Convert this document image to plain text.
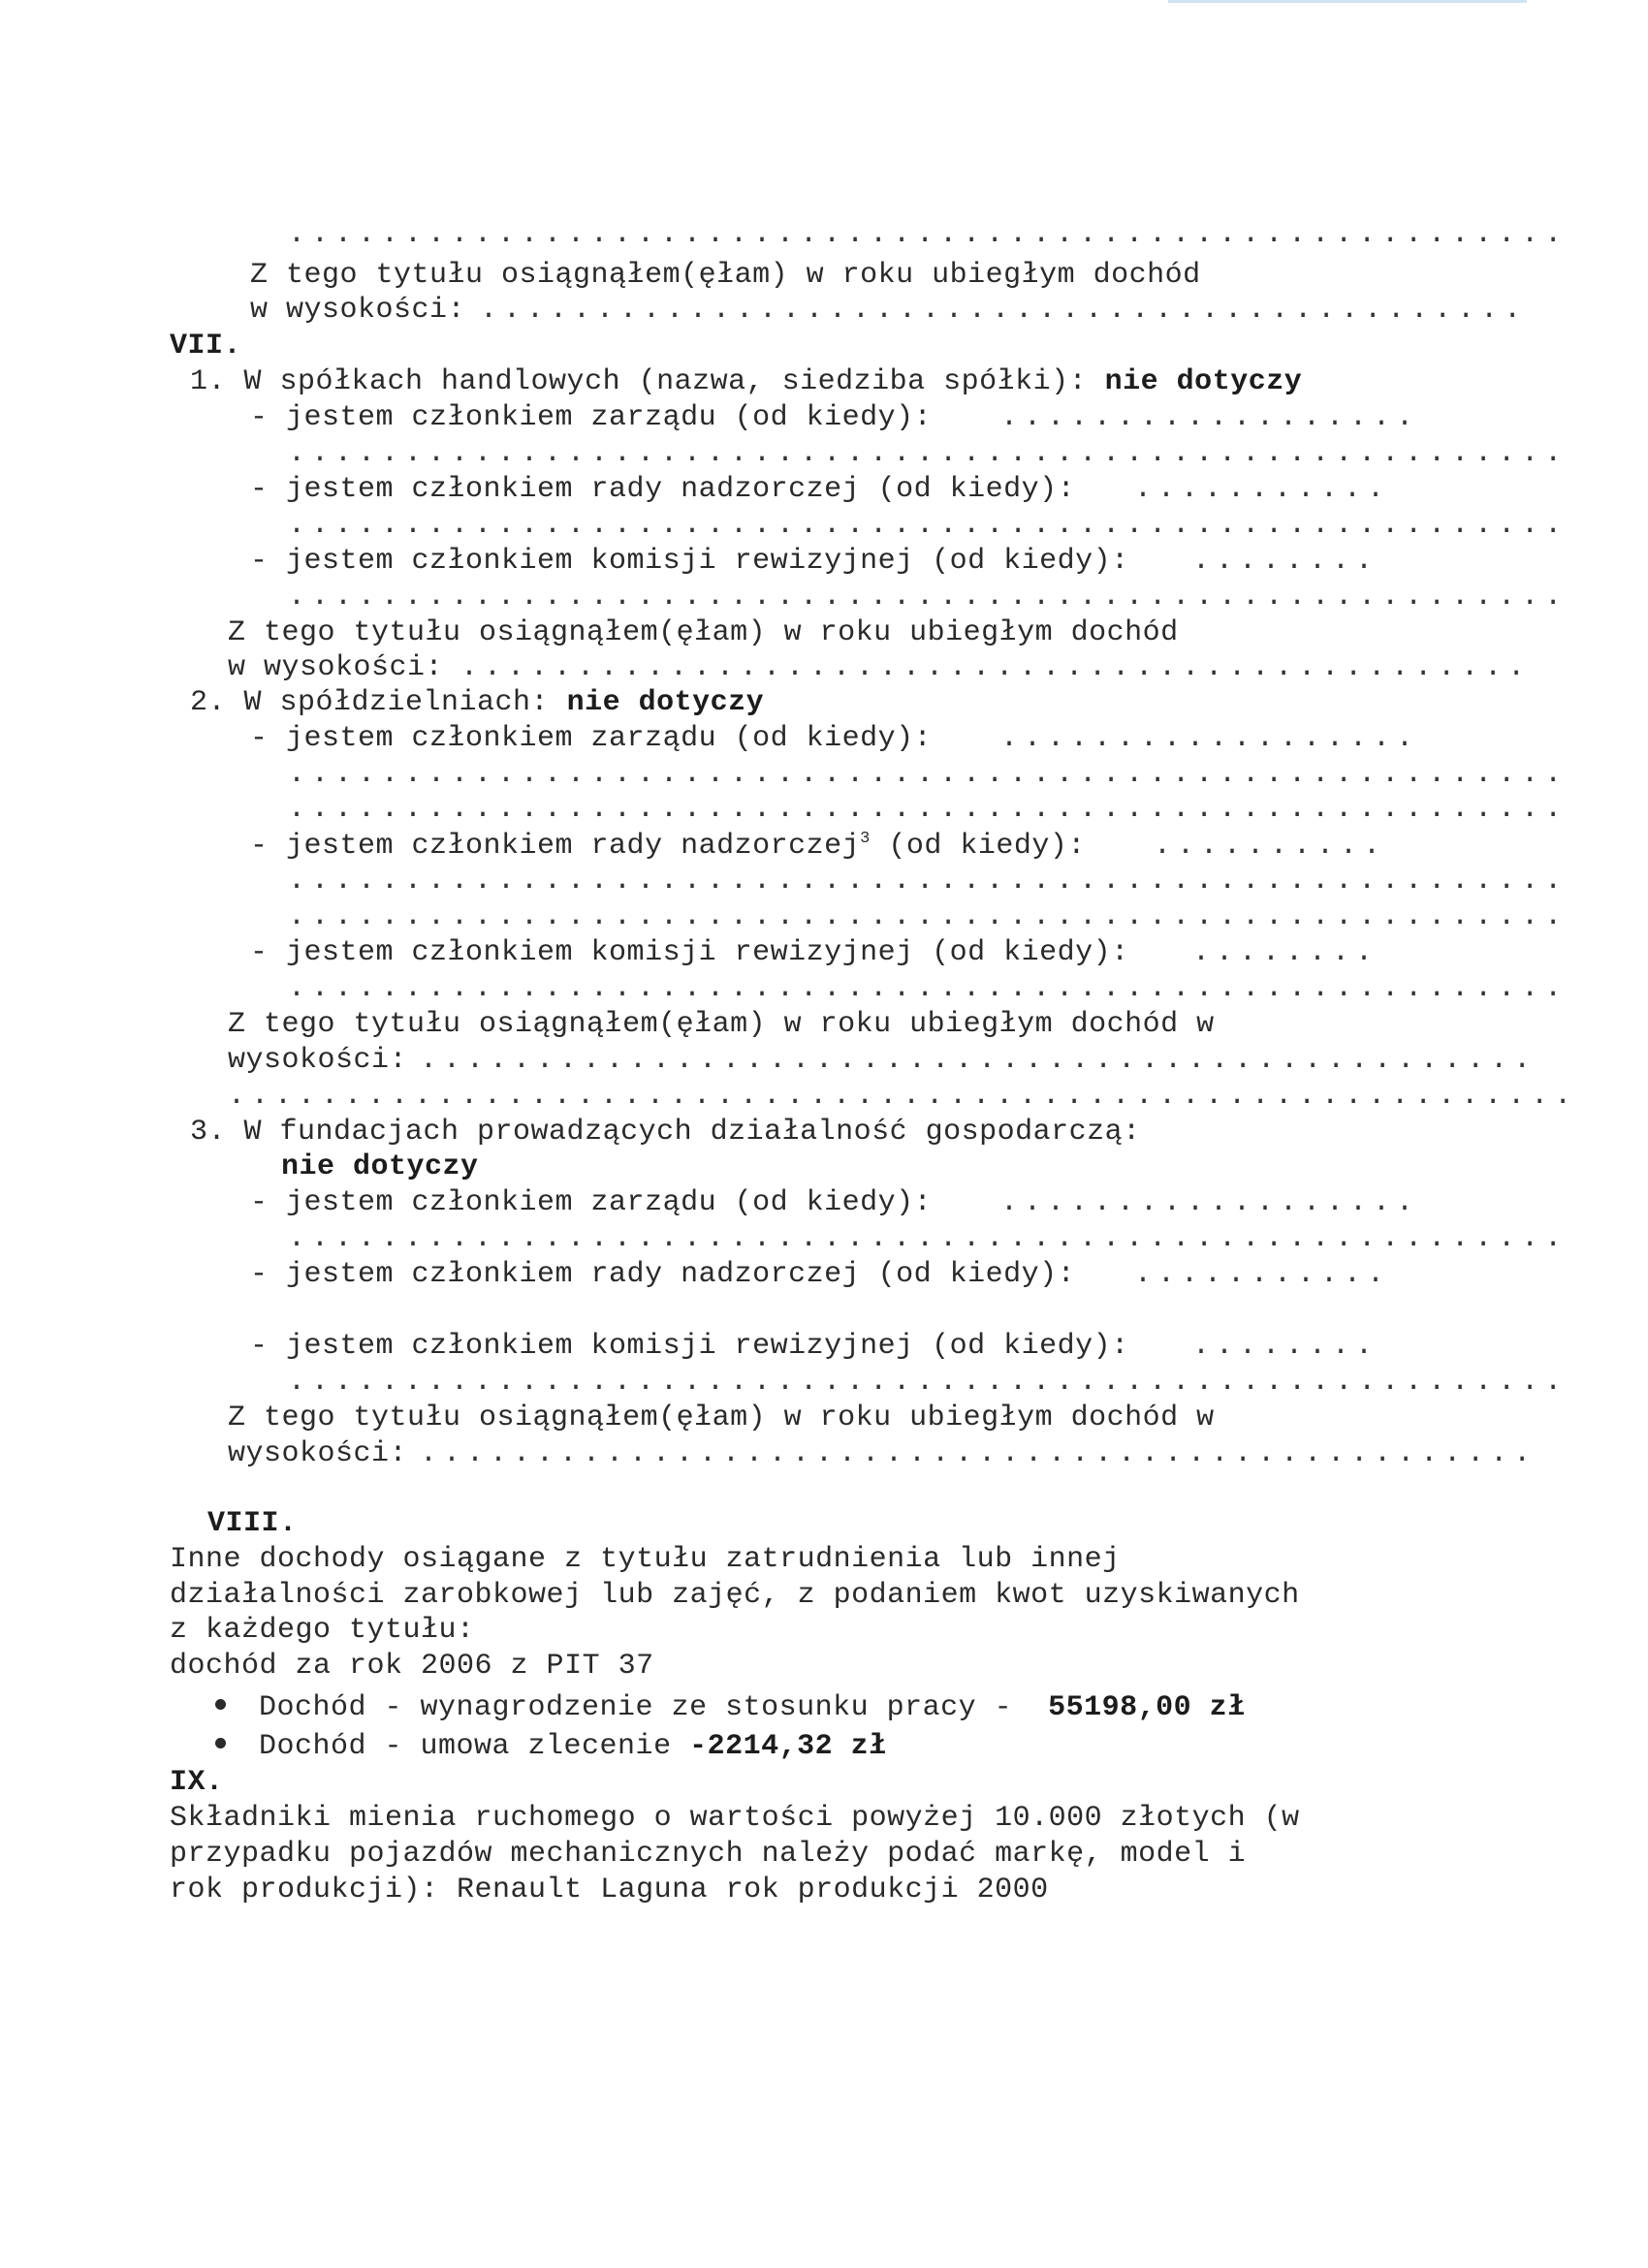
.......................................................
Z tego tytułu osiągnąłem(ęłam) w roku ubiegłym dochód
w wysokości: .............................................
VII.
1. W spółkach handlowych (nazwa, siedziba spółki): nie dotyczy
- jestem członkiem zarządu (od kiedy): ..................
.......................................................
- jestem członkiem rady nadzorczej (od kiedy): ...........
.......................................................
- jestem członkiem komisji rewizyjnej (od kiedy): ........
.......................................................
Z tego tytułu osiągnąłem(ęłam) w roku ubiegłym dochód
w wysokości: ..............................................
2. W spółdzielniach: nie dotyczy
- jestem członkiem zarządu (od kiedy): ..................
.......................................................
.......................................................
- jestem członkiem rady nadzorczej$^3$ (od kiedy): ..........
.......................................................
.......................................................
- jestem członkiem komisji rewizyjnej (od kiedy): ........
.......................................................
Z tego tytułu osiągnąłem(ęłam) w roku ubiegłym dochód w
wysokości: ................................................
..........................................................
3. W fundacjach prowadzących działalność gospodarczą:
nie dotyczy
- jestem członkiem zarządu (od kiedy): ..................
.......................................................
- jestem członkiem rady nadzorczej (od kiedy): ...........
- jestem członkiem komisji rewizyjnej (od kiedy): ........
.......................................................
Z tego tytułu osiągnąłem(ęłam) w roku ubiegłym dochód w
wysokości: ................................................
VIII.
Inne dochody osiągane z tytułu zatrudnienia lub innej
działalności zarobkowej lub zajęć, z podaniem kwot uzyskiwanych
z każdego tytułu:
dochód za rok 2006 z PIT 37
Dochód - wynagrodzenie ze stosunku pracy -  55198,00 zł
Dochód - umowa zlecenie -2214,32 zł
IX.
Składniki mienia ruchomego o wartości powyżej 10.000 złotych (w
przypadku pojazdów mechanicznych należy podać markę, model i
rok produkcji): Renault Laguna rok produkcji 2000
